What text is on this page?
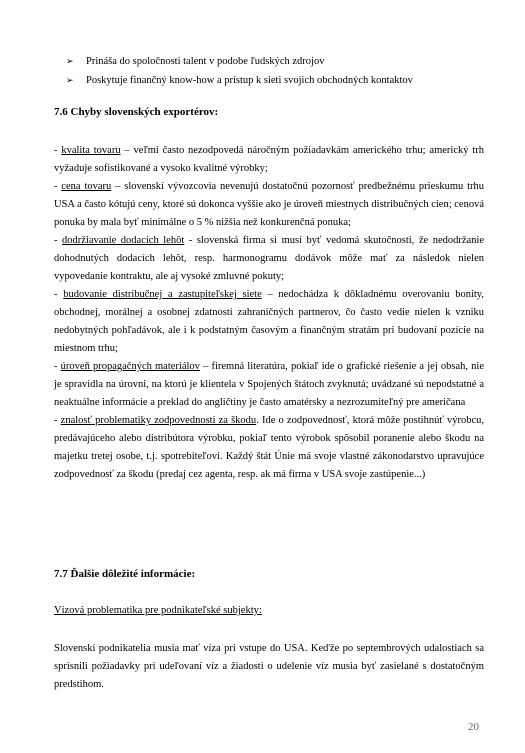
➢	Prináša do spoločnosti talent v podobe ľudských zdrojov
➢	Poskytuje finančný know-how a prístup k sieti svojich obchodných kontaktov
7.6 Chyby slovenských exportérov:

- kvalita tovaru – veľmi často nezodpovedá náročným požiadavkám amerického trhu; americký trh vyžaduje sofistikované a vysoko kvalitné výrobky;

- cena tovaru – slovenskí vývozcovia nevenujú dostatočnú pozornosť predbežnému prieskumu trhu USA a často kótujú ceny, ktoré sú dokonca vyššie ako je úroveň miestnych distribučných cien; cenová ponuka by mala byť minimálne o 5 % nižšia než konkurenčná ponuka;

- dodržiavanie dodacích lehôt - slovenská firma si musí byť vedomá skutočnosti, že nedodržanie dohodnutých dodacích lehôt, resp. harmonogramu dodávok môže mať za následok nielen vypovedanie kontraktu, ale aj vysoké zmluvné pokuty;

- budovanie distribučnej a zastupiteľskej siete – nedochádza k dôkladnému overovaniu bonity, obchodnej, morálnej a osobnej zdatnosti zahraničných partnerov, čo často vedie nielen k vzniku nedobytných pohľadávok, ale i k podstatným časovým a finančným stratám pri budovaní pozície na miestnom trhu;

- úroveň propagačných materiálov – firemná literatúra, pokiaľ ide o grafické riešenie a jej obsah, nie je spravidla na úrovni, na ktorú je klientela v Spojených štátoch zvyknutá; uvádzané sú nepodstatné a neaktuálne informácie a preklad do angličtiny je často amatérsky a nezrozumiteľný pre američana

- znalosť problematiky zodpovednosti za škodu. Ide o zodpovednosť, ktorá môže postihnúť výrobcu, predávajúceho alebo distribútora výrobku, pokiaľ tento výrobok spôsobil poranenie alebo škodu na majetku tretej osobe, t.j. spotrebiteľovi. Každý štát Únie má svoje vlastné zákonodarstvo upravujúce zodpovednosť za škodu (predaj cez agenta, resp. ak má firma v USA svoje zastúpenie...)

7.7 Ďalšie dôležité informácie:
Vízová problematika pre podnikateľské subjekty:
Slovenskí podnikatelia musia mať víza pri vstupe do USA. Keďže po septembrových udalostiach sa sprísnili požiadavky pri udeľovaní víz a žiadosti o udelenie víz musia byť zasielané s dostatočným predstihom.
20
